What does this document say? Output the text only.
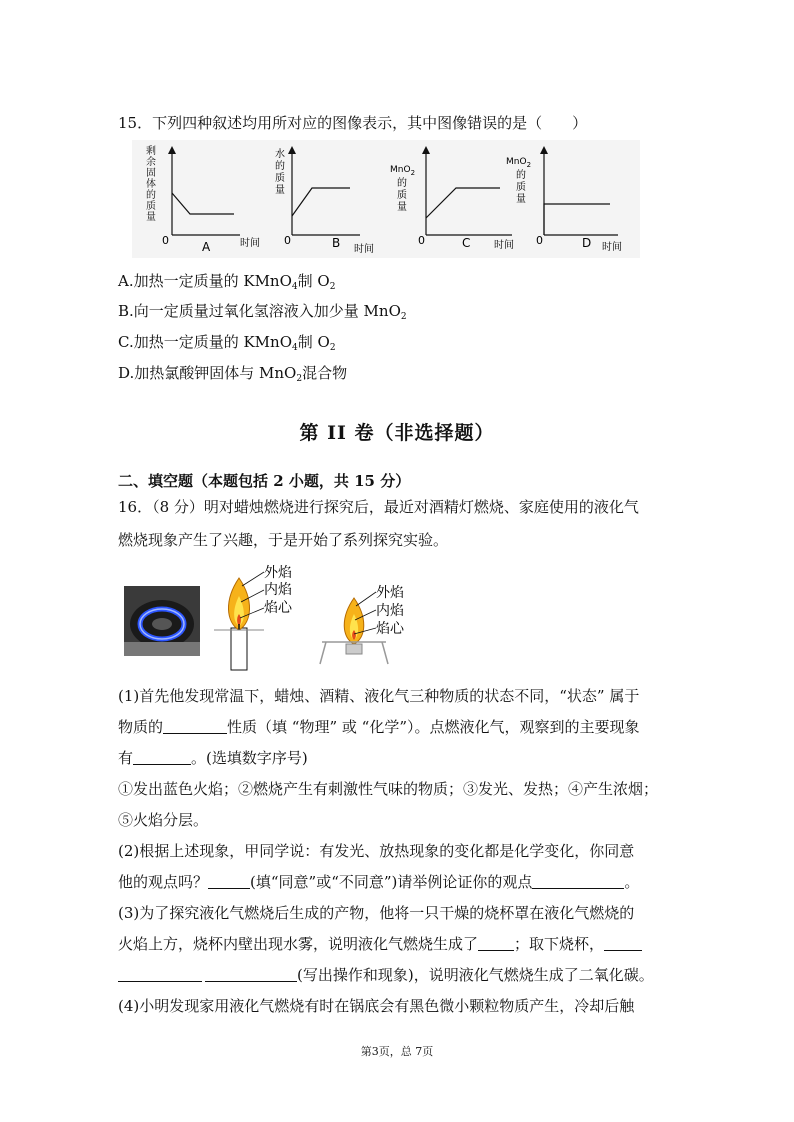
15．下列四种叙述均用所对应的图像表示，其中图像错误的是（　　）
剩余固体的质量
0	A	时间
水的质量
0	B 时间
MnO$_2$
的质量
0	C 时间
MnO$_2$
的质量
0	D 时间
A.加热一定质量的 KMnO$_4$制 $O_2$
B.向一定质量过氧化氢溶液入加少量 MnO$_2$
C.加热一定质量的 KMnO$_4$制 $O_2$
D.加热氯酸钾固体与 MnO$_2$混合物
第 II 卷（非选择题）
二、填空题（本题包括 2 小题，共 15 分）
16．（8 分）明对蜡烛燃烧进行探究后，最近对酒精灯燃烧、家庭使用的液化气
燃烧现象产生了兴趣，于是开始了系列探究实验。
外焰
内焰
焰心
外焰
内焰
焰心
(1)首先他发现常温下，蜡烛、酒精、液化气三种物质的状态不同，“状态” 属于
物质的	性质（填 “物理” 或 “化学”）。点燃液化气，观察到的主要现象
有	。(选填数字序号)
①发出蓝色火焰；②燃烧产生有刺激性气味的物质；③发光、发热；④产生浓烟；
⑤火焰分层。
(2)根据上述现象，甲同学说：有发光、放热现象的变化都是化学变化，你同意
他的观点吗？	(填“同意”或“不同意”)请举例论证你的观点	。
(3)为了探究液化气燃烧后生成的产物，他将一只干燥的烧杯罩在液化气燃烧的
火焰上方，烧杯内壁出现水雾，说明液化气燃烧生成了 ；取下烧杯，
(写出操作和现象)，说明液化气燃烧生成了二氧化碳。
(4)小明发现家用液化气燃烧有时在锅底会有黑色微小颗粒物质产生，冷却后触
第3页，总 7页
